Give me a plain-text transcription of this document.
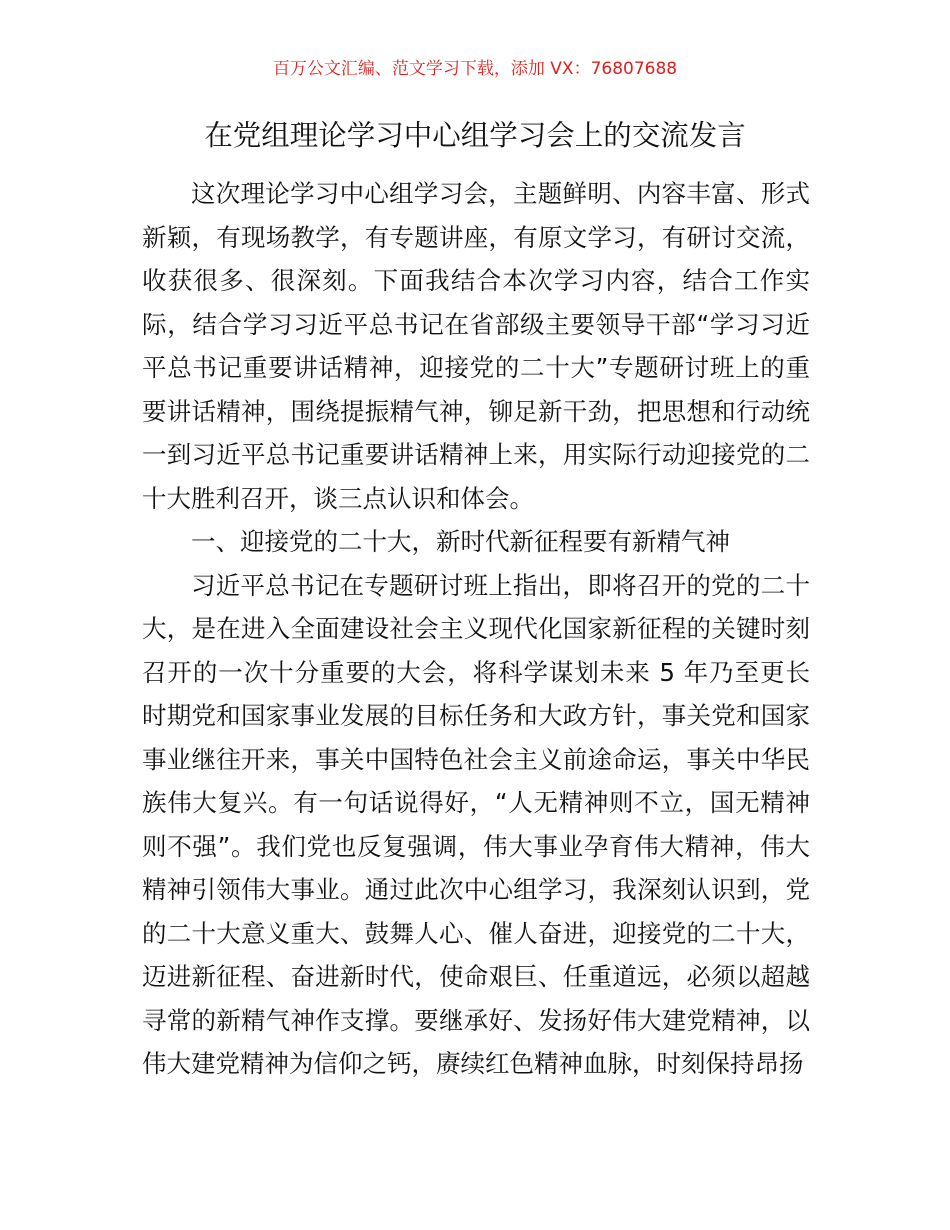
百万公文汇编、范文学习下载，添加 VX：76807688
在党组理论学习中心组学习会上的交流发言

这次理论学习中心组学习会，主题鲜明、内容丰富、形式新颖，有现场教学，有专题讲座，有原文学习，有研讨交流，收获很多、很深刻。下面我结合本次学习内容，结合工作实际，结合学习习近平总书记在省部级主要领导干部“学习习近平总书记重要讲话精神，迎接党的二十大”专题研讨班上的重要讲话精神，围绕提振精气神，铆足新干劲，把思想和行动统一到习近平总书记重要讲话精神上来，用实际行动迎接党的二十大胜利召开，谈三点认识和体会。

一、迎接党的二十大，新时代新征程要有新精气神

习近平总书记在专题研讨班上指出，即将召开的党的二十大，是在进入全面建设社会主义现代化国家新征程的关键时刻召开的一次十分重要的大会，将科学谋划未来 5 年乃至更长时期党和国家事业发展的目标任务和大政方针，事关党和国家事业继往开来，事关中国特色社会主义前途命运，事关中华民族伟大复兴。有一句话说得好，“人无精神则不立，国无精神则不强”。我们党也反复强调，伟大事业孕育伟大精神，伟大精神引领伟大事业。通过此次中心组学习，我深刻认识到，党的二十大意义重大、鼓舞人心、催人奋进，迎接党的二十大，迈进新征程、奋进新时代，使命艰巨、任重道远，必须以超越寻常的新精气神作支撑。要继承好、发扬好伟大建党精神，以伟大建党精神为信仰之钙，赓续红色精神血脉，时刻保持昂扬
